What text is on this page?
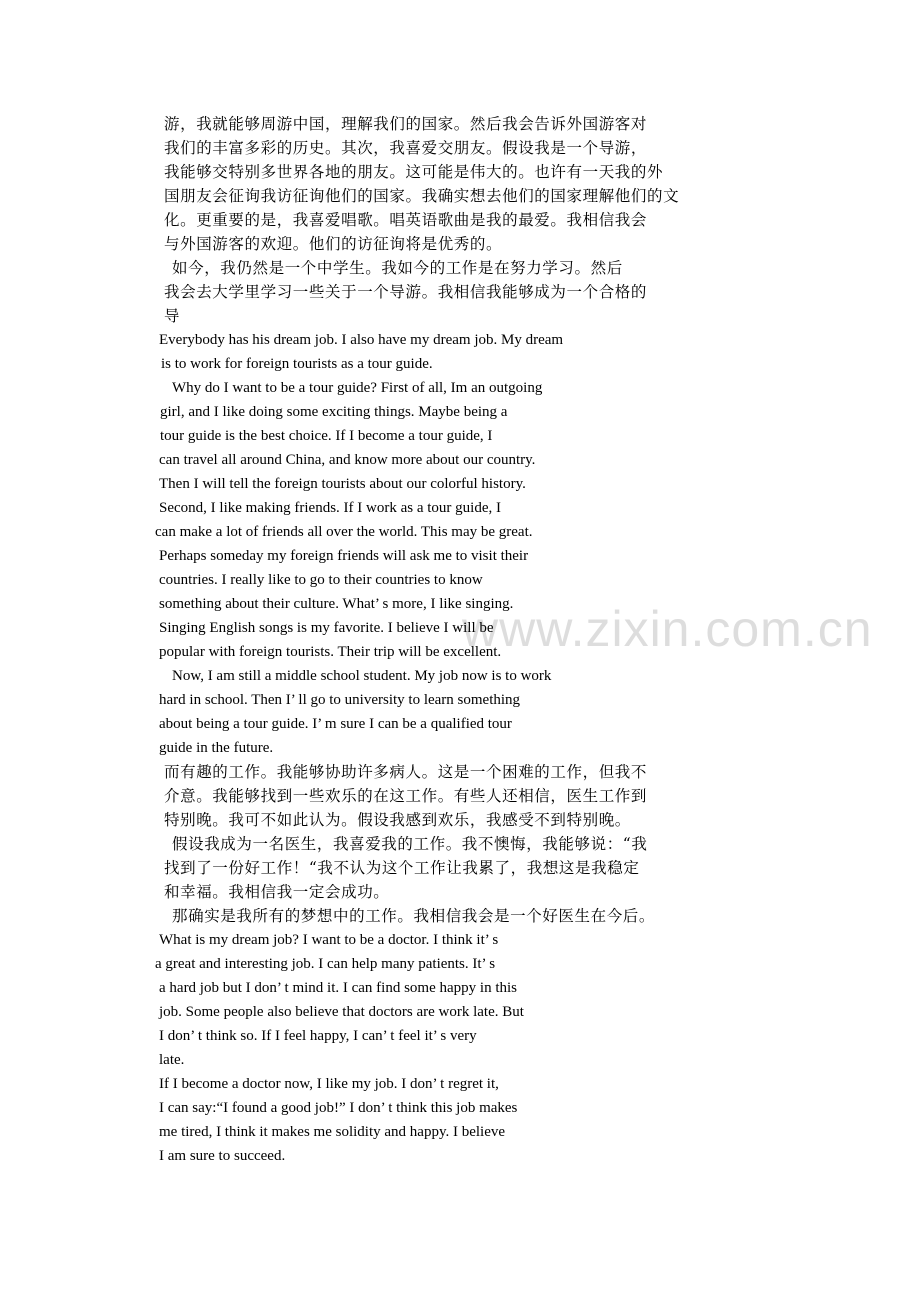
www.zixin.com.cn
游，我就能够周游中国，理解我们的国家。然后我会告诉外国游客对
我们的丰富多彩的历史。其次，我喜爱交朋友。假设我是一个导游，
我能够交特别多世界各地的朋友。这可能是伟大的。也许有一天我的外
国朋友会征询我访征询他们的国家。我确实想去他们的国家理解他们的文
化。更重要的是，我喜爱唱歌。唱英语歌曲是我的最爱。我相信我会
与外国游客的欢迎。他们的访征询将是优秀的。
如今，我仍然是一个中学生。我如今的工作是在努力学习。然后
我会去大学里学习一些关于一个导游。我相信我能够成为一个合格的
导
Everybody has his dream job. I also have my dream job. My dream
is to work for foreign tourists as a tour guide.
Why do I want to be a tour guide? First of all, Im an outgoing
girl, and I like doing some exciting things. Maybe being a
tour guide is the best choice. If I become a tour guide, I
can travel all around China, and know more about our country.
Then I will tell the foreign tourists about our colorful history.
Second, I like making friends. If I work as a tour guide, I
can make a lot of friends all over the world. This may be great.
Perhaps someday my foreign friends will ask me to visit their
countries. I really like to go to their countries to know
something about their culture. What’ s more, I like singing.
Singing English songs is my favorite. I believe I will be
popular with foreign tourists. Their trip will be excellent.
Now, I am still a middle school student. My job now is to work
hard in school. Then I’ ll go to university to learn something
about being a tour guide. I’ m sure I can be a qualified tour
guide in the future.
而有趣的工作。我能够协助许多病人。这是一个困难的工作，但我不
介意。我能够找到一些欢乐的在这工作。有些人还相信，医生工作到
特别晚。我可不如此认为。假设我感到欢乐，我感受不到特别晚。
假设我成为一名医生，我喜爱我的工作。我不懊悔，我能够说：“我
找到了一份好工作！“我不认为这个工作让我累了，我想这是我稳定
和幸福。我相信我一定会成功。
那确实是我所有的梦想中的工作。我相信我会是一个好医生在今后。
What is my dream job? I want to be a doctor. I think it’ s
a great and interesting job. I can help many patients. It’ s
a hard job but I don’ t mind it. I can find some happy in this
job. Some people also believe that doctors are work late. But
I don’ t think so. If I feel happy, I can’ t feel it’ s very
late.
If I become a doctor now, I like my job. I don’ t regret it,
I can say:“I found a good job!” I don’ t think this job makes
me tired, I think it makes me solidity and happy. I believe
I am sure to succeed.
